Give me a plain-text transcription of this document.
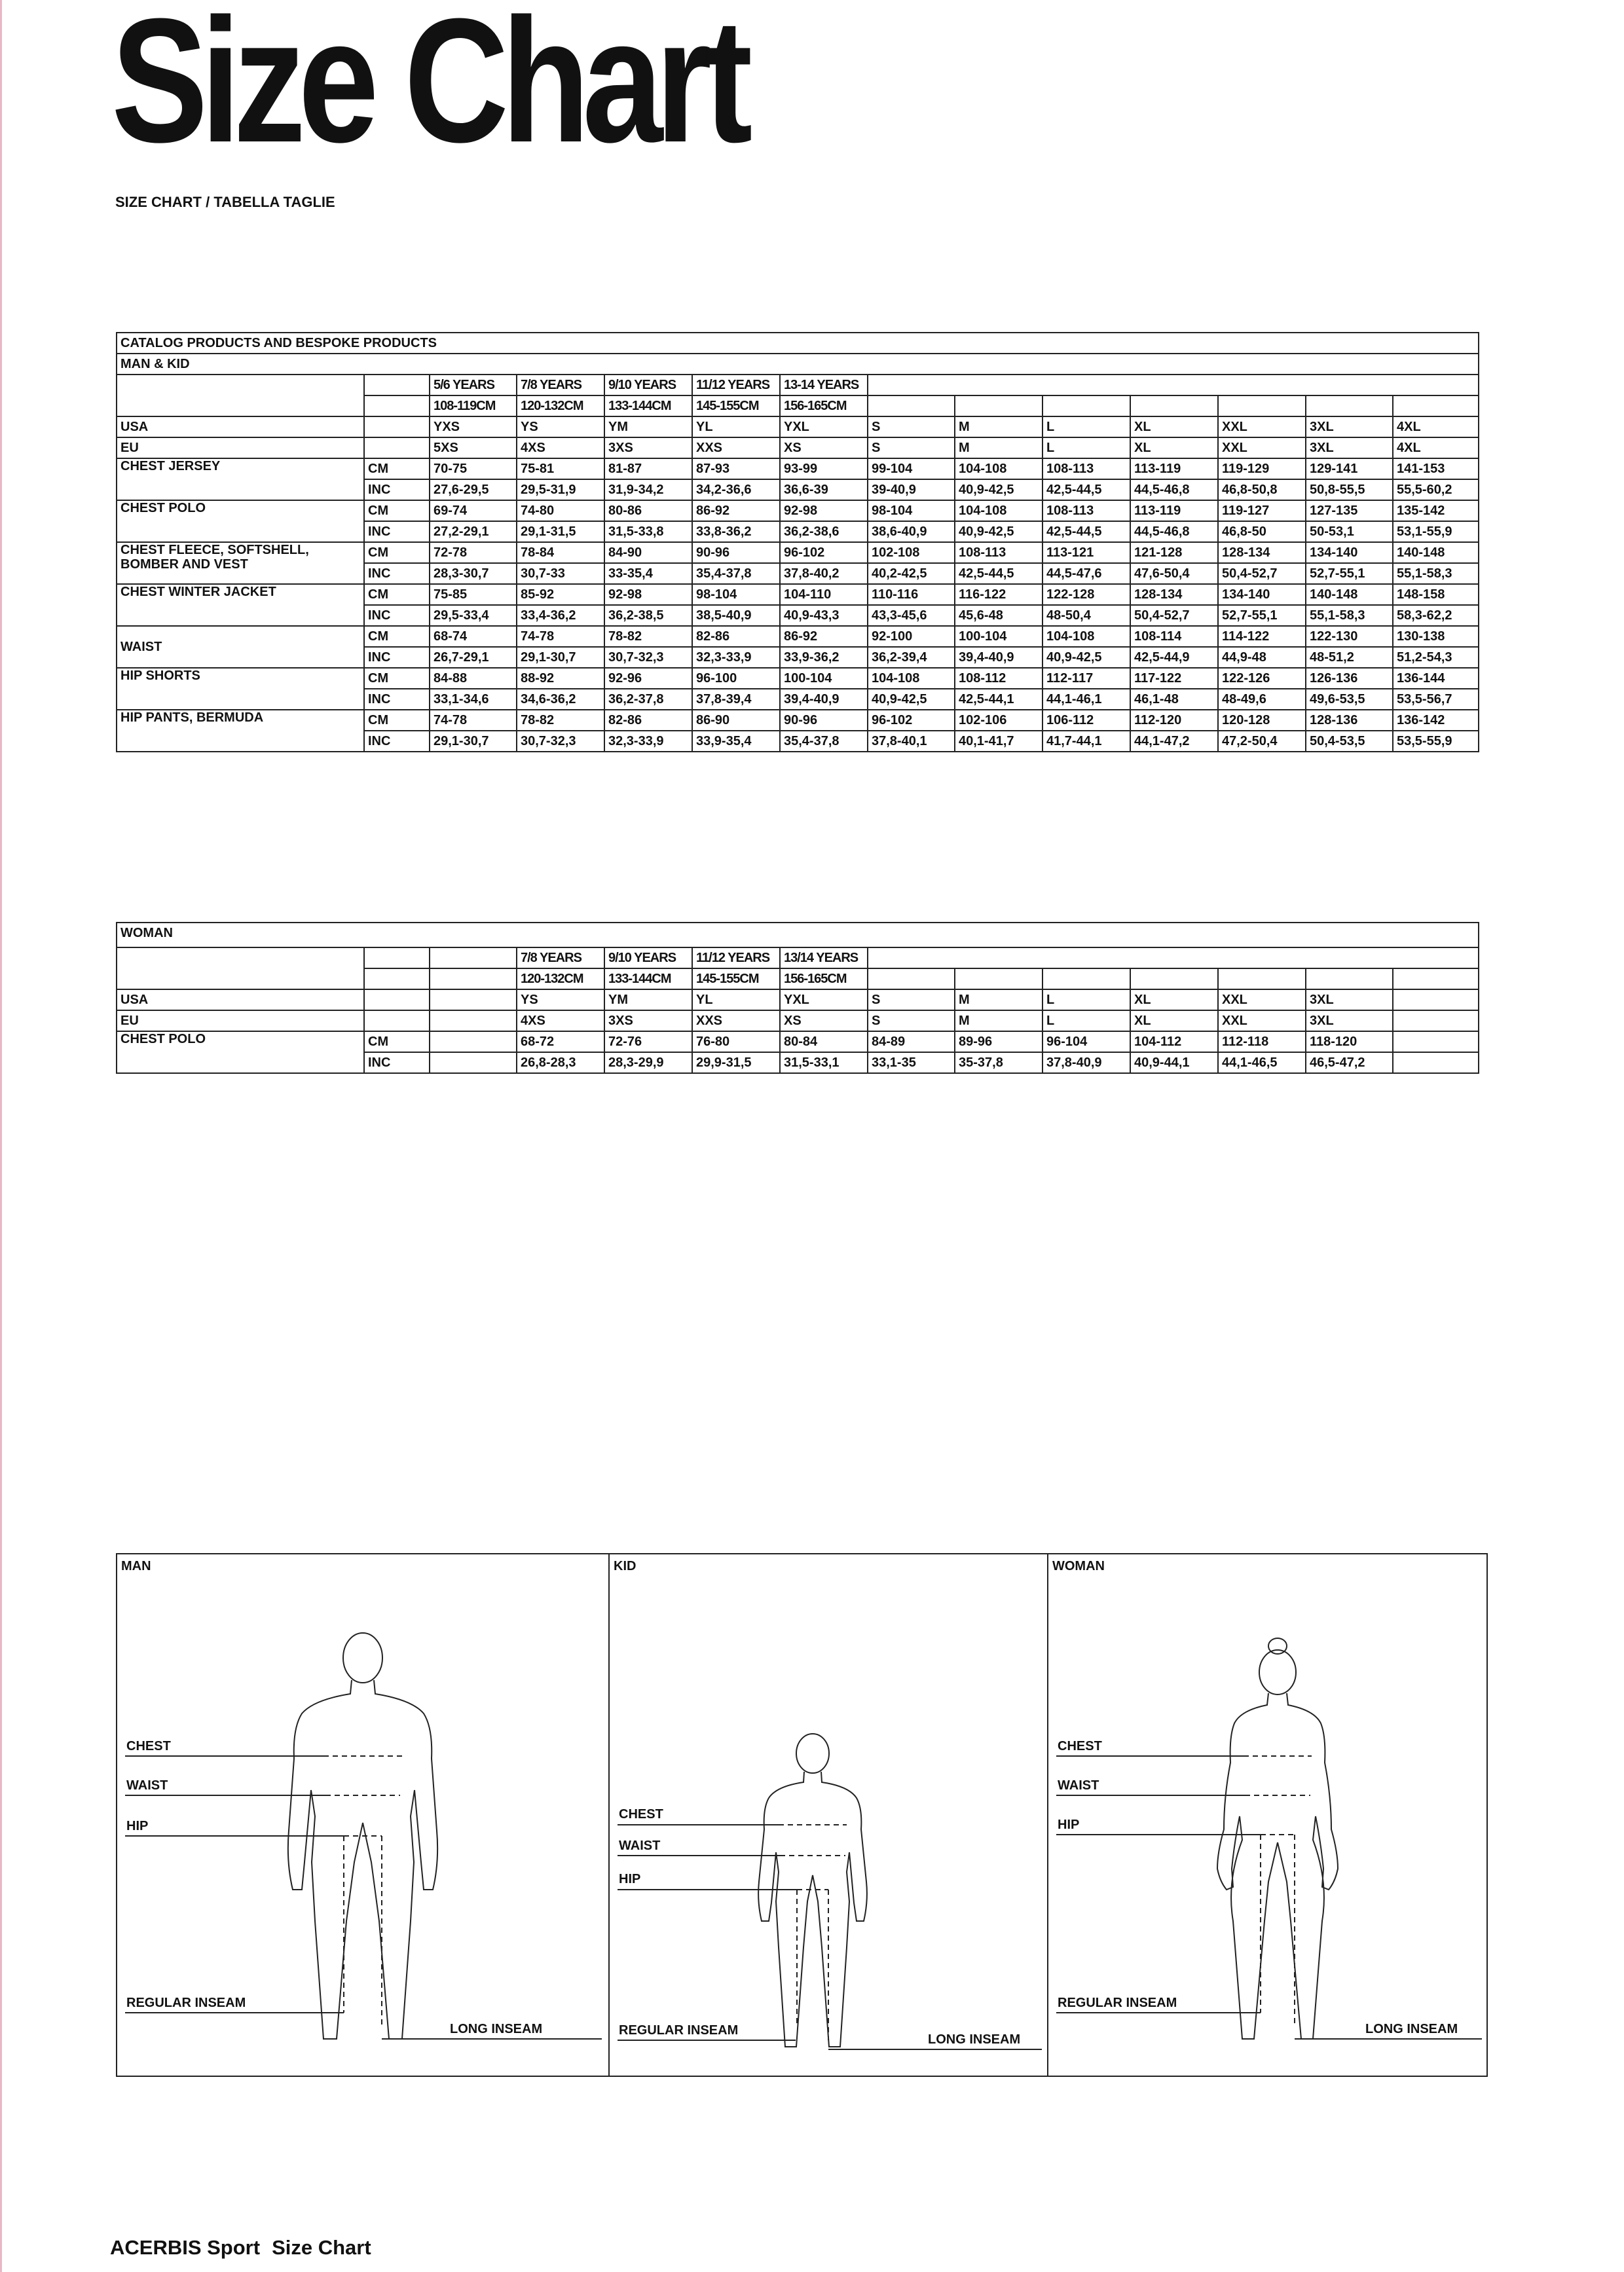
Size Chart
SIZE CHART / TABELLA TAGLIE
CATALOG PRODUCTS AND BESPOKE PRODUCTS													
MAN & KID													
		5/6 YEARS	7/8 YEARS	9/10 YEARS	11/12 YEARS	13-14 YEARS							
		108-119CM	120-132CM	133-144CM	145-155CM	156-165CM							
USA		YXS	YS	YM	YL	YXL	S	M	L	XL	XXL	3XL	4XL
EU		5XS	4XS	3XS	XXS	XS	S	M	L	XL	XXL	3XL	4XL
CHEST JERSEY	CM	70-75	75-81	81-87	87-93	93-99	99-104	104-108	108-113	113-119	119-129	129-141	141-153
	INC	27,6-29,5	29,5-31,9	31,9-34,2	34,2-36,6	36,6-39	39-40,9	40,9-42,5	42,5-44,5	44,5-46,8	46,8-50,8	50,8-55,5	55,5-60,2
CHEST POLO	CM	69-74	74-80	80-86	86-92	92-98	98-104	104-108	108-113	113-119	119-127	127-135	135-142
	INC	27,2-29,1	29,1-31,5	31,5-33,8	33,8-36,2	36,2-38,6	38,6-40,9	40,9-42,5	42,5-44,5	44,5-46,8	46,8-50	50-53,1	53,1-55,9
CHEST FLEECE, SOFTSHELL, BOMBER AND VEST	CM	72-78	78-84	84-90	90-96	96-102	102-108	108-113	113-121	121-128	128-134	134-140	140-148
	INC	28,3-30,7	30,7-33	33-35,4	35,4-37,8	37,8-40,2	40,2-42,5	42,5-44,5	44,5-47,6	47,6-50,4	50,4-52,7	52,7-55,1	55,1-58,3
CHEST WINTER JACKET	CM	75-85	85-92	92-98	98-104	104-110	110-116	116-122	122-128	128-134	134-140	140-148	148-158
	INC	29,5-33,4	33,4-36,2	36,2-38,5	38,5-40,9	40,9-43,3	43,3-45,6	45,6-48	48-50,4	50,4-52,7	52,7-55,1	55,1-58,3	58,3-62,2
WAIST	CM	68-74	74-78	78-82	82-86	86-92	92-100	100-104	104-108	108-114	114-122	122-130	130-138
	INC	26,7-29,1	29,1-30,7	30,7-32,3	32,3-33,9	33,9-36,2	36,2-39,4	39,4-40,9	40,9-42,5	42,5-44,9	44,9-48	48-51,2	51,2-54,3
HIP SHORTS	CM	84-88	88-92	92-96	96-100	100-104	104-108	108-112	112-117	117-122	122-126	126-136	136-144
	INC	33,1-34,6	34,6-36,2	36,2-37,8	37,8-39,4	39,4-40,9	40,9-42,5	42,5-44,1	44,1-46,1	46,1-48	48-49,6	49,6-53,5	53,5-56,7
HIP PANTS, BERMUDA	CM	74-78	78-82	82-86	86-90	90-96	96-102	102-106	106-112	112-120	120-128	128-136	136-142
	INC	29,1-30,7	30,7-32,3	32,3-33,9	33,9-35,4	35,4-37,8	37,8-40,1	40,1-41,7	41,7-44,1	44,1-47,2	47,2-50,4	50,4-53,5	53,5-55,9
WOMAN													
			7/8 YEARS	9/10 YEARS	11/12 YEARS	13/14 YEARS							
			120-132CM	133-144CM	145-155CM	156-165CM							
USA			YS	YM	YL	YXL	S	M	L	XL	XXL	3XL	
EU			4XS	3XS	XXS	XS	S	M	L	XL	XXL	3XL	
CHEST POLO	CM		68-72	72-76	76-80	80-84	84-89	89-96	96-104	104-112	112-118	118-120	
	INC		26,8-28,3	28,3-29,9	29,9-31,5	31,5-33,1	33,1-35	35-37,8	37,8-40,9	40,9-44,1	44,1-46,5	46,5-47,2	
MAN
CHEST
WAIST
HIP
REGULAR INSEAM
LONG INSEAM
KID
CHEST
WAIST
HIP
REGULAR INSEAM
LONG INSEAM
WOMAN
CHEST
WAIST
HIP
REGULAR INSEAM
LONG INSEAM
ACERBIS Sport Size Chart
